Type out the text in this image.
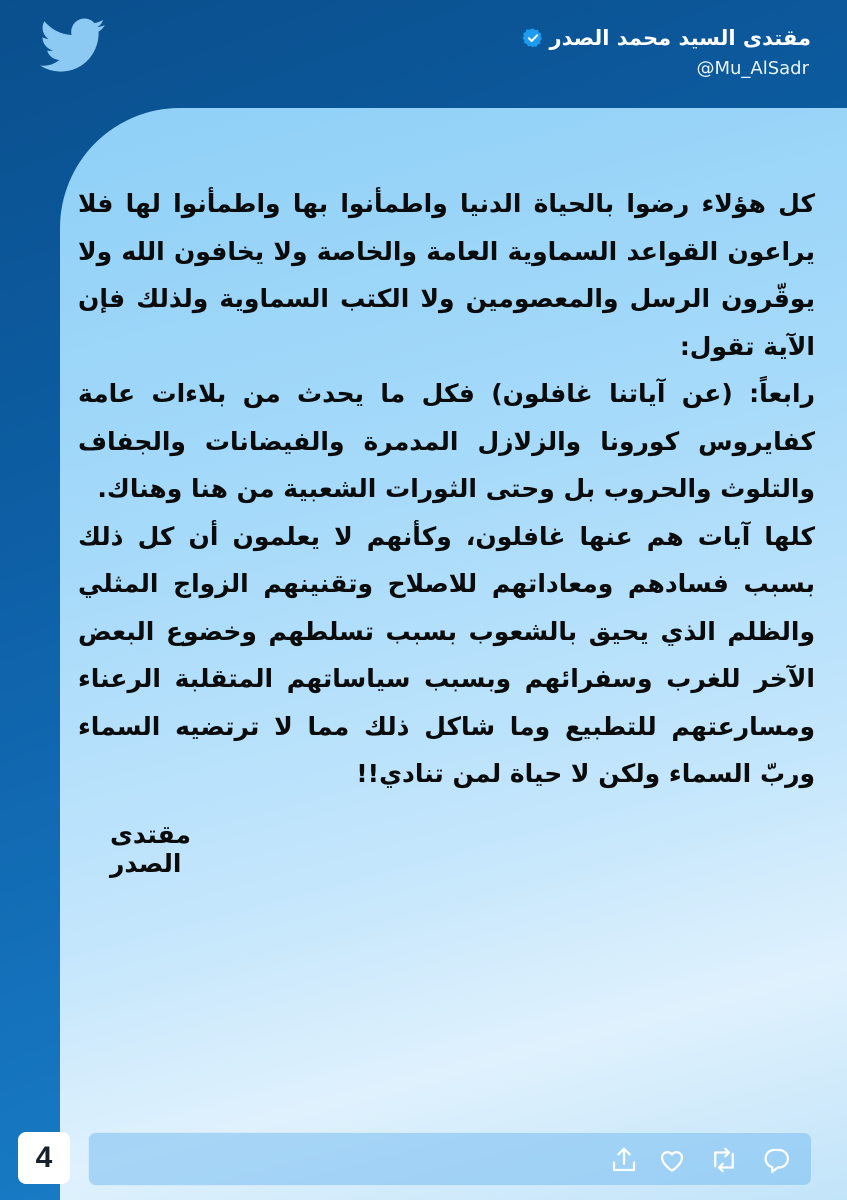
مقتدى السيد محمد الصدر
@Mu_AlSadr

كل هؤلاء رضوا بالحياة الدنيا واطمأنوا بها واطمأنوا لها فلا يراعون القواعد السماوية العامة والخاصة ولا يخافون الله ولا يوقّرون الرسل والمعصومين ولا الكتب السماوية ولذلك فإن الآية تقول:

رابعاً: (عن آياتنا غافلون) فكل ما يحدث من بلاءات عامة كفايروس كورونا والزلازل المدمرة والفيضانات والجفاف والتلوث والحروب بل وحتى الثورات الشعبية من هنا وهناك.

كلها آيات هم عنها غافلون، وكأنهم لا يعلمون أن كل ذلك بسبب فسادهم ومعاداتهم للاصلاح وتقنينهم الزواج المثلي والظلم الذي يحيق بالشعوب بسبب تسلطهم وخضوع البعض الآخر للغرب وسفرائهم وبسبب سياساتهم المتقلبة الرعناء ومسارعتهم للتطبيع وما شاكل ذلك مما لا ترتضيه السماء وربّ السماء ولكن لا حياة لمن تنادي!!

مقتدى الصدر
4
